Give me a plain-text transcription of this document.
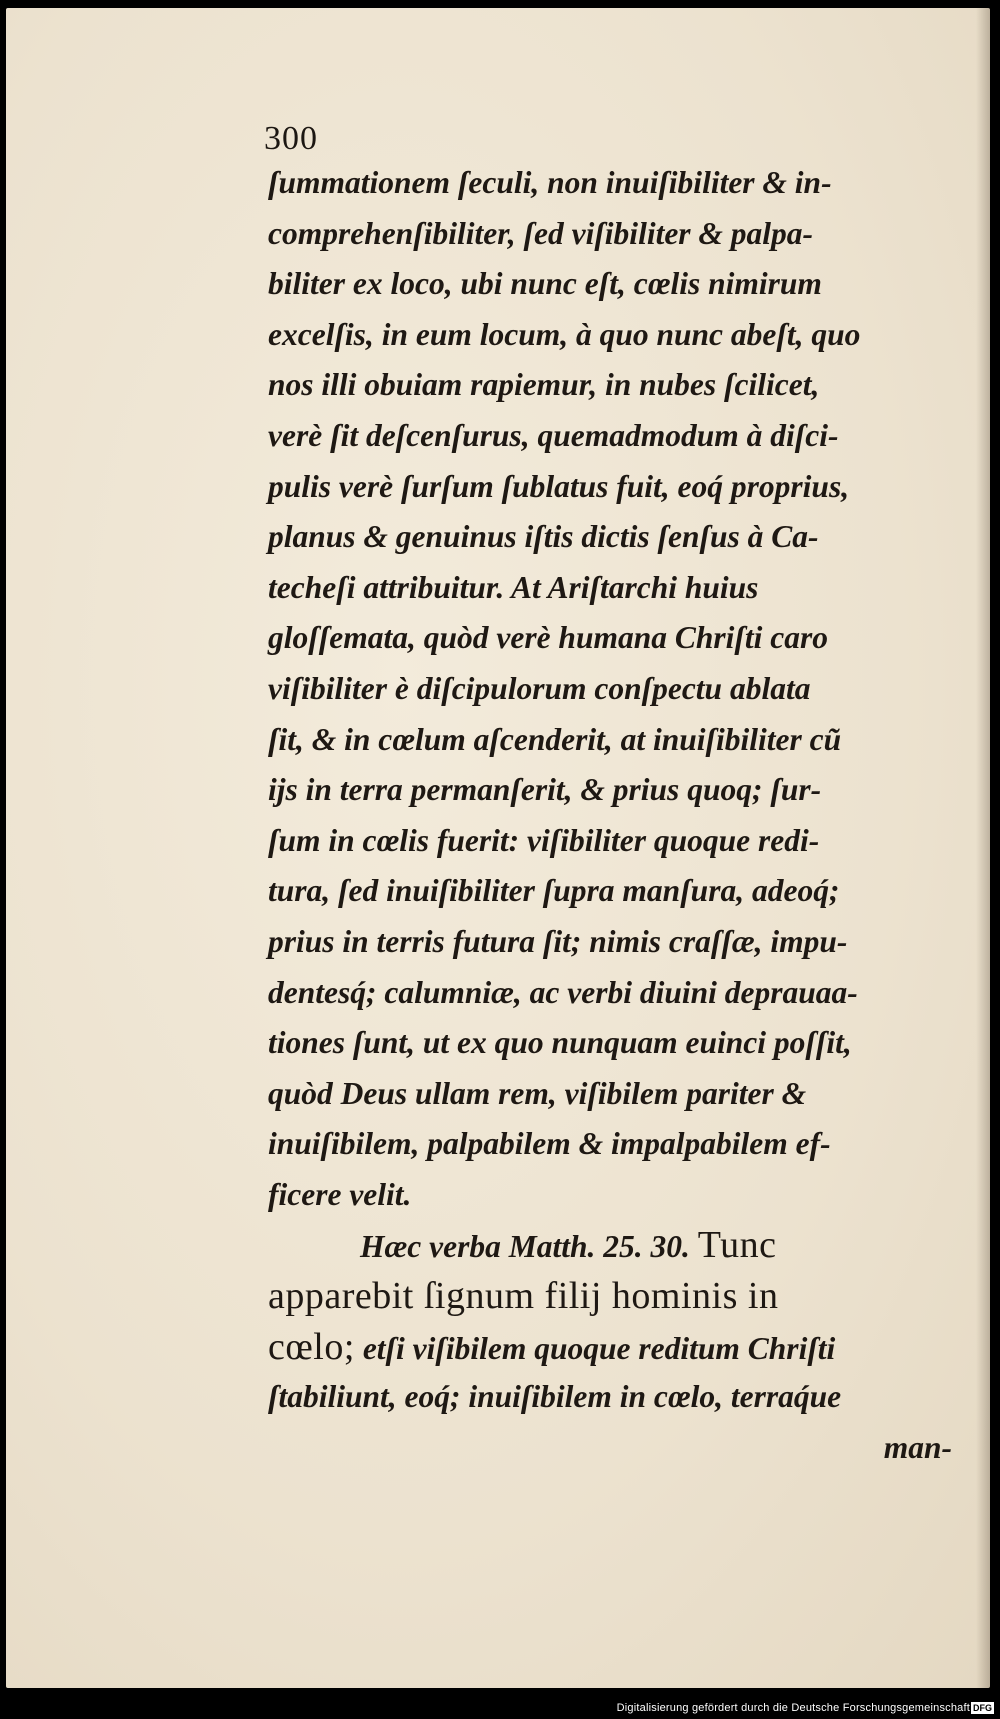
300
ſummationem ſeculi, non inuiſibiliter & in-
comprehenſibiliter, ſed viſibiliter & palpa-
biliter ex loco, ubi nunc eſt, cœlis nimirum
excelſis, in eum locum, à quo nunc abeſt, quo
nos illi obuiam rapiemur, in nubes ſcilicet,
verè ſit deſcenſurus, quemadmodum à diſci-
pulis verè ſurſum ſublatus fuit, eoq́ proprius,
planus & genuinus iſtis dictis ſenſus à Ca-
techeſi attribuitur. At Ariſtarchi huius
gloſſemata, quòd verè humana Chriſti caro
viſibiliter è diſcipulorum conſpectu ablata
ſit, & in cœlum aſcenderit, at inuiſibiliter cũ
ijs in terra permanſerit, & prius quoq; ſur-
ſum in cœlis fuerit: viſibiliter quoque redi-
tura, ſed inuiſibiliter ſupra manſura, adeoq́;
prius in terris futura ſit; nimis craſſæ, impu-
dentesq́; calumniæ, ac verbi diuini deprauaa-
tiones ſunt, ut ex quo nunquam euinci poſſit,
quòd Deus ullam rem, viſibilem pariter &
inuiſibilem, palpabilem & impalpabilem ef-
ficere velit.
Hæc verba Matth. 25. 30. Tunc
apparebit ſignum filij hominis in
cœlo; etſi viſibilem quoque reditum Chriſti
ſtabiliunt, eoq́; inuiſibilem in cœlo, terraq́ue
man-
Digitalisierung gefördert durch die Deutsche Forschungsgemeinschaft DFG
